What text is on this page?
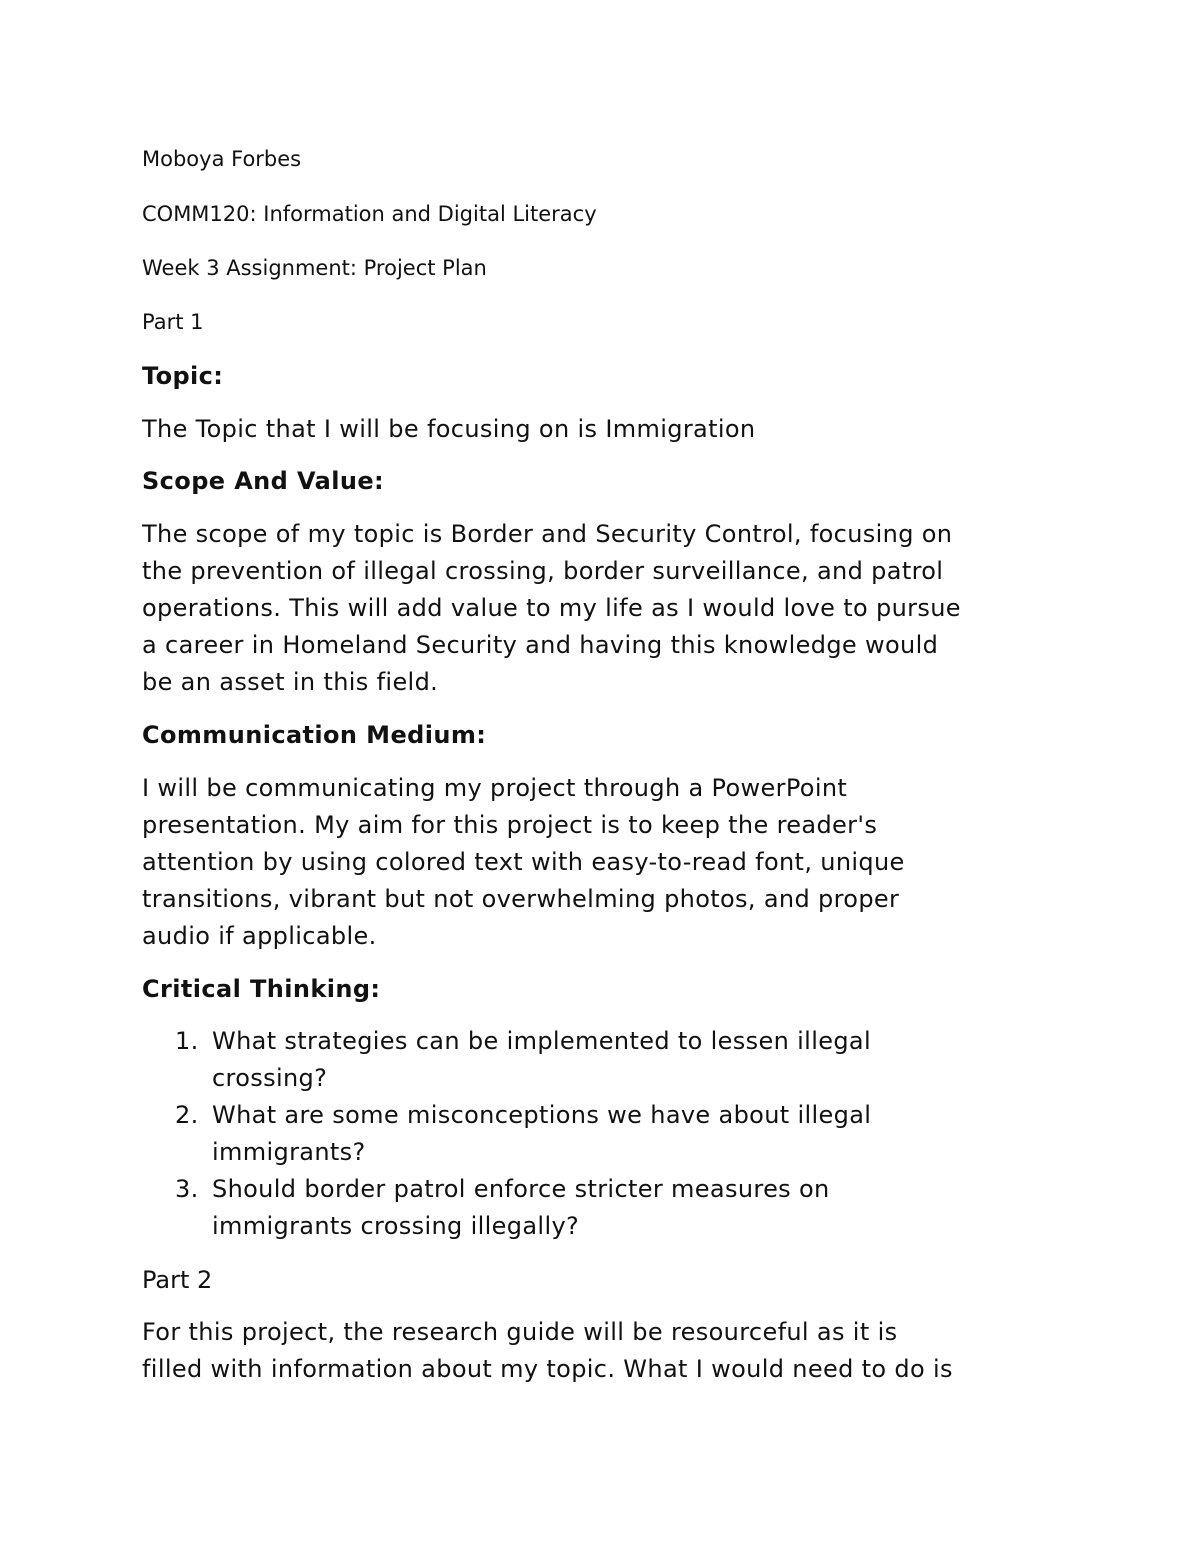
Moboya Forbes
COMM120: Information and Digital Literacy
Week 3 Assignment: Project Plan
Part 1
Topic:

The Topic that I will be focusing on is Immigration

Scope And Value:

The scope of my topic is Border and Security Control, focusing on
the prevention of illegal crossing, border surveillance, and patrol
operations. This will add value to my life as I would love to pursue
a career in Homeland Security and having this knowledge would
be an asset in this field.

Communication Medium:

I will be communicating my project through a PowerPoint
presentation. My aim for this project is to keep the reader's
attention by using colored text with easy-to-read font, unique
transitions, vibrant but not overwhelming photos, and proper
audio if applicable.

Critical Thinking:
1. What strategies can be implemented to lessen illegal
crossing?
2. What are some misconceptions we have about illegal
immigrants?
3. Should border patrol enforce stricter measures on
immigrants crossing illegally?
Part 2

For this project, the research guide will be resourceful as it is
filled with information about my topic. What I would need to do is
